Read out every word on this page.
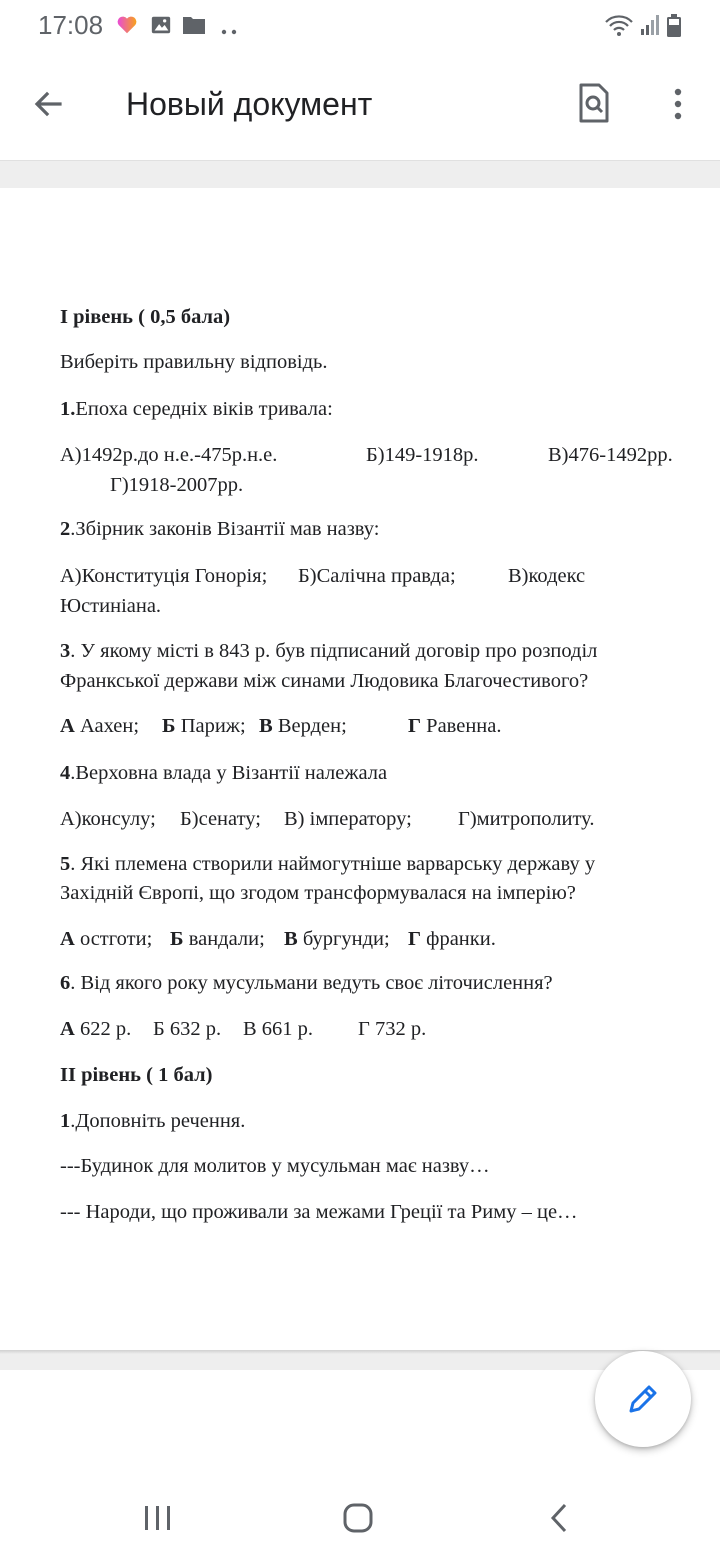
17:08
Новый документ
І рівень ( 0,5 бала)
Виберіть правильну відповідь.
1.Епоха середніх віків тривала:
А)1492р.до н.е.-475р.н.е.	Б)149-1918р.	В)476-1492рр.
Г)1918-2007рр.
2.Збірник законів Візантії мав назву:
А)Конституція Гонорія; Б)Салічна правда;	В)кодекс
Юстиніана.
3. У якому місті в 843 р. був підписаний договір про розподіл
Франкської держави між синами Людовика Благочестивого?
А Аахен; Б Париж; В Верден;	Г Равенна.
4.Верховна влада у Візантії належала
А)консулу; Б)сенату; В) імператору; Г)митрополиту.
5. Які племена створили наймогутніше варварську державу у
Західній Європі, що згодом трансформувалася на імперію?
А остготи; Б вандали; В бургунди; Г франки.
6. Від якого року мусульмани ведуть своє літочислення?
А 622 р. Б 632 р. В 661 р. Г 732 р.
ІІ рівень ( 1 бал)
1.Доповніть речення.
---Будинок для молитов у мусульман має назву…
--- Народи, що проживали за межами Греції та Риму – це…
